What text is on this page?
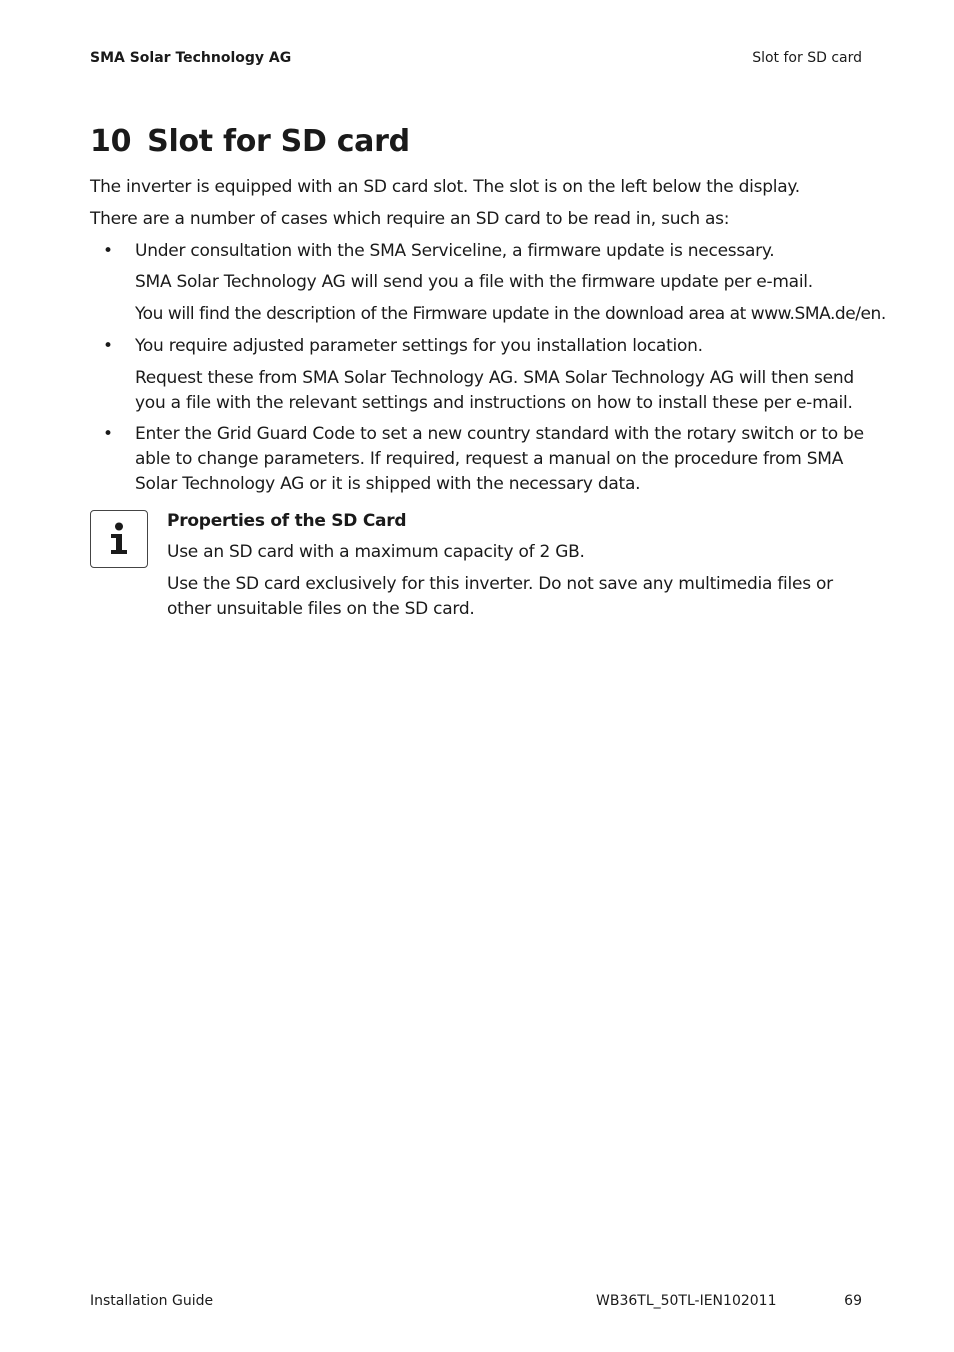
SMA Solar Technology AG	Slot for SD card
10 Slot for SD card
The inverter is equipped with an SD card slot. The slot is on the left below the display.
There are a number of cases which require an SD card to be read in, such as:
• Under consultation with the SMA Serviceline, a firmware update is necessary.
SMA Solar Technology AG will send you a file with the firmware update per e-mail.
You will find the description of the Firmware update in the download area at www.SMA.de/en.
• You require adjusted parameter settings for you installation location.
Request these from SMA Solar Technology AG. SMA Solar Technology AG will then send you a file with the relevant settings and instructions on how to install these per e-mail.
• Enter the Grid Guard Code to set a new country standard with the rotary switch or to be able to change parameters. If required, request a manual on the procedure from SMA Solar Technology AG or it is shipped with the necessary data.
Properties of the SD Card
Use an SD card with a maximum capacity of 2 GB.
Use the SD card exclusively for this inverter. Do not save any multimedia files or other unsuitable files on the SD card.
Installation Guide	WB36TL_50TL-IEN102011	69
